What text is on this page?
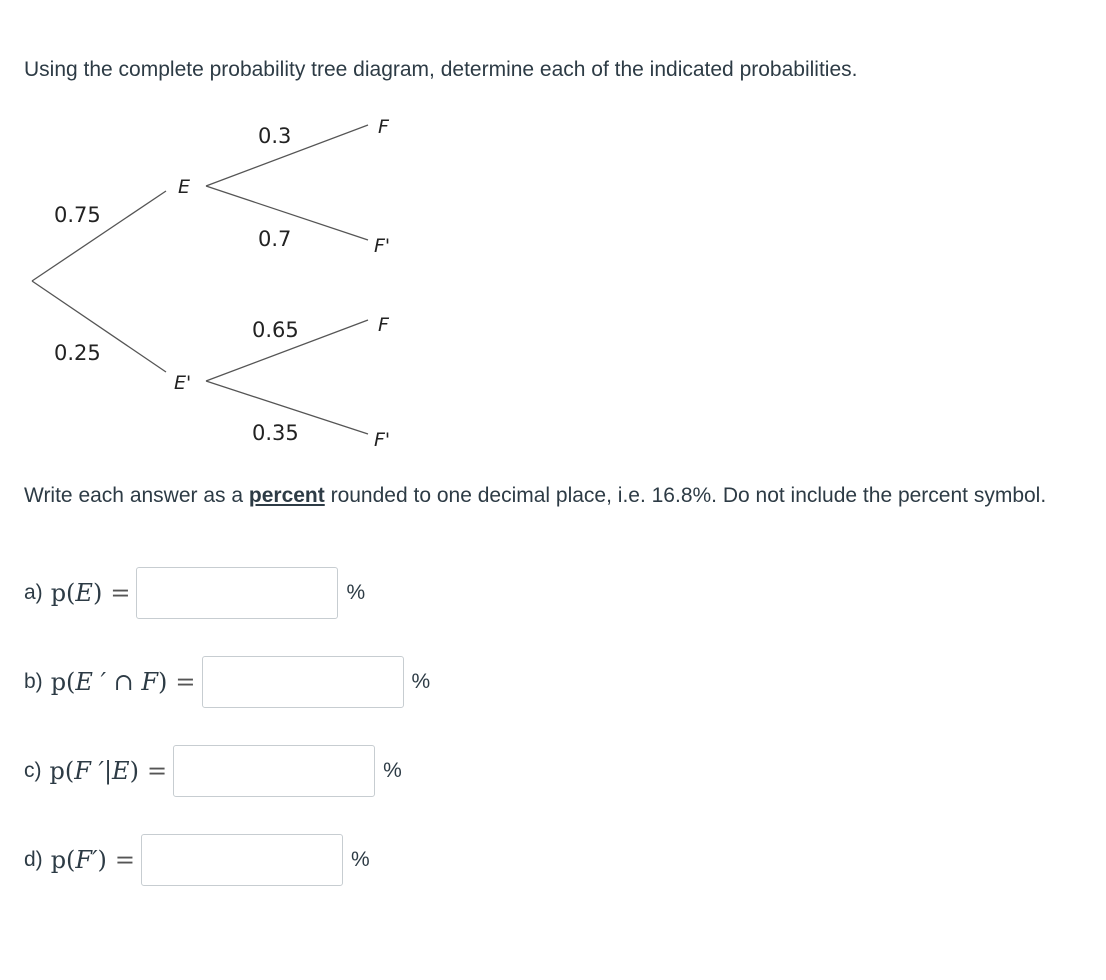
Using the complete probability tree diagram, determine each of the indicated probabilities.
0.75
0.25
E
E'
0.3
0.7
0.65
0.35
F
F'
F
F'
Write each answer as a percent rounded to one decimal place, i.e. 16.8%. Do not include the percent symbol.
a) p(E) =	%
b) p(E ′ ∩ F) =	%
c) p(F ′|E) =	%
d) p(F′) =	%
